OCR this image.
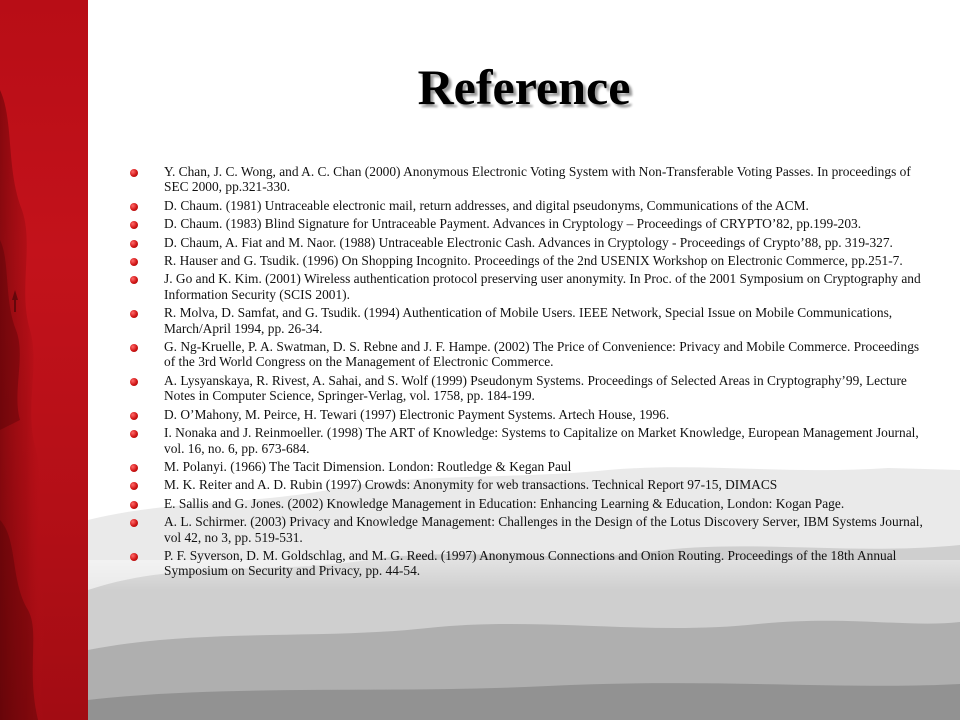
Reference
Y. Chan, J. C. Wong, and A. C. Chan (2000) Anonymous Electronic Voting System with Non-Transferable Voting Passes. In proceedings of SEC 2000, pp.321-330.
D. Chaum. (1981) Untraceable electronic mail, return addresses, and digital pseudonyms, Communications of the ACM.
D. Chaum. (1983) Blind Signature for Untraceable Payment. Advances in Cryptology – Proceedings of CRYPTO’82, pp.199-203.
D. Chaum, A. Fiat and M. Naor. (1988) Untraceable Electronic Cash. Advances in Cryptology - Proceedings of Crypto’88, pp. 319-327.
R. Hauser and G. Tsudik. (1996) On Shopping Incognito. Proceedings of the 2nd USENIX Workshop on Electronic Commerce, pp.251-7.
J. Go and K. Kim. (2001) Wireless authentication protocol preserving user anonymity. In Proc. of the 2001 Symposium on Cryptography and Information Security (SCIS 2001).
R. Molva, D. Samfat, and G. Tsudik. (1994) Authentication of Mobile Users. IEEE Network, Special Issue on Mobile Communications, March/April 1994, pp. 26-34.
G. Ng-Kruelle, P. A. Swatman, D. S. Rebne and J. F. Hampe. (2002) The Price of Convenience: Privacy and Mobile Commerce. Proceedings of the 3rd World Congress on the Management of Electronic Commerce.
A. Lysyanskaya, R. Rivest, A. Sahai, and S. Wolf (1999) Pseudonym Systems. Proceedings of Selected Areas in Cryptography’99, Lecture Notes in Computer Science, Springer-Verlag, vol. 1758, pp. 184-199.
D. O’Mahony, M. Peirce, H. Tewari (1997) Electronic Payment Systems. Artech House, 1996.
I. Nonaka and J. Reinmoeller. (1998) The ART of Knowledge: Systems to Capitalize on Market Knowledge, European Management Journal, vol. 16, no. 6, pp. 673-684.
M. Polanyi. (1966) The Tacit Dimension. London: Routledge & Kegan Paul
M. K. Reiter and A. D. Rubin (1997) Crowds: Anonymity for web transactions. Technical Report 97-15, DIMACS
E. Sallis and G. Jones. (2002) Knowledge Management in Education: Enhancing Learning & Education, London: Kogan Page.
A. L. Schirmer. (2003) Privacy and Knowledge Management: Challenges in the Design of the Lotus Discovery Server, IBM Systems Journal, vol 42, no 3, pp. 519-531.
P. F. Syverson, D. M. Goldschlag, and M. G. Reed. (1997) Anonymous Connections and Onion Routing. Proceedings of the 18th Annual Symposium on Security and Privacy, pp. 44-54.
